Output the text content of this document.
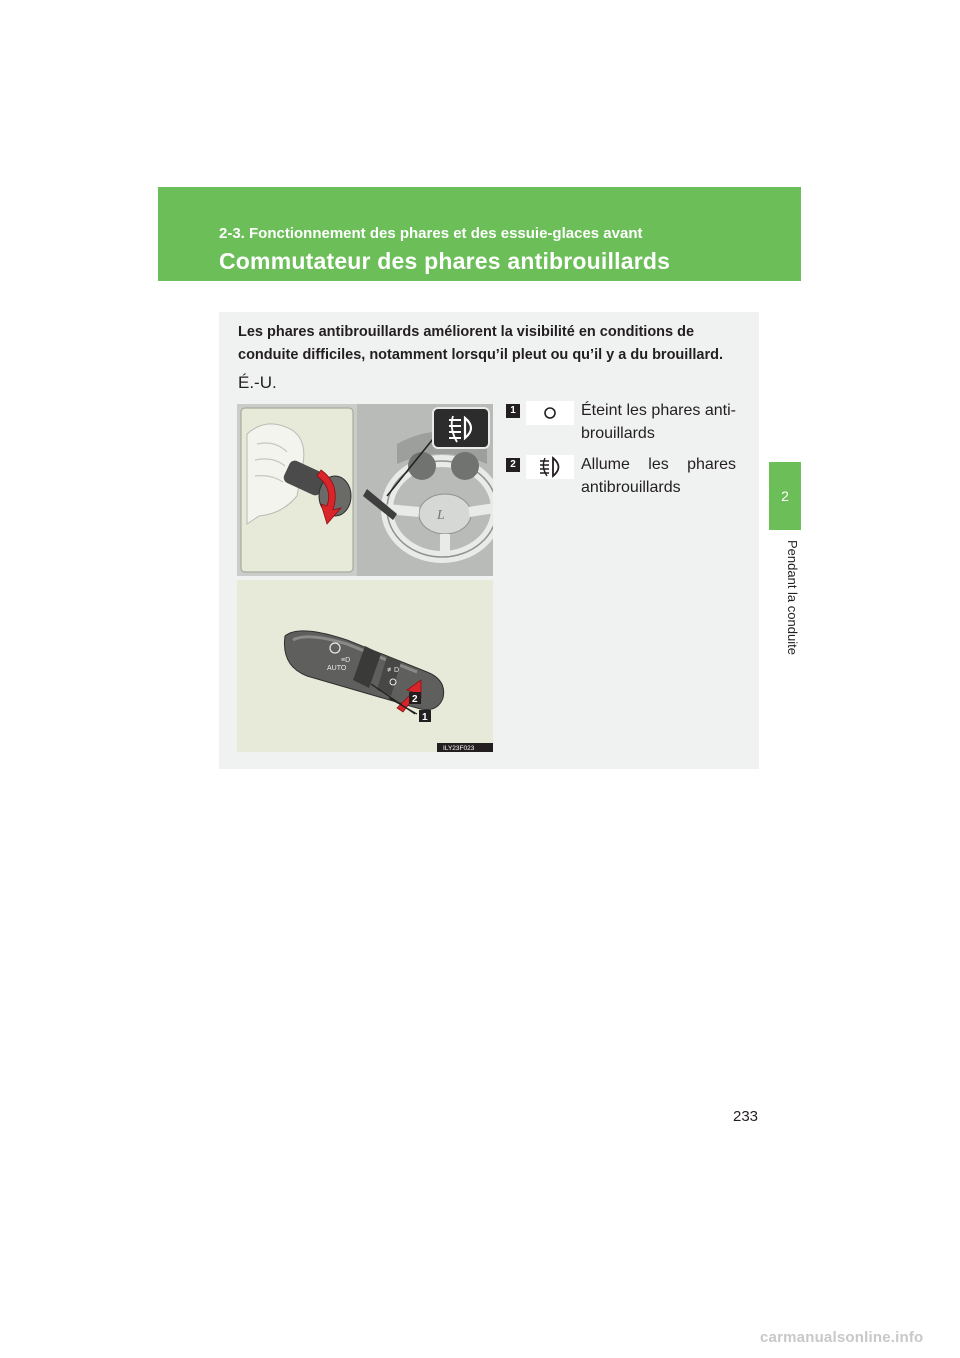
2-3. Fonctionnement des phares et des essuie-glaces avant
Commutateur des phares antibrouillards
2
Pendant la conduite
Les phares antibrouillards améliorent la visibilité en conditions de conduite difficiles, notamment lorsqu’il pleut ou qu’il y a du brouillard.
É.-U.
L
AUTO
≡D
≢D
2
1
ILY23F023
1	Éteint les phares anti-
brouillards
2	Allume les phares
antibrouillards
233
carmanualsonline.info
